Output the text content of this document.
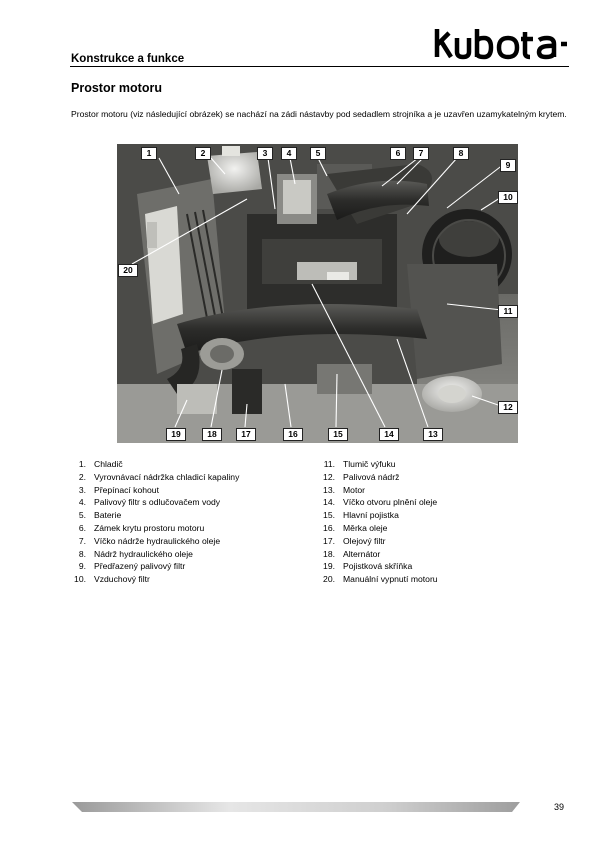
Konstrukce a funkce
Prostor motoru

Prostor motoru (viz následující obrázek) se nachází na zádi nástavby pod sedadlem strojníka a je uzavřen uzamykatelným krytem.

1	2	3	4	5	6	7	8
9
10
11
12
13
14
15
16
17
18
19
20
1. Chladič
2. Vyrovnávací nádržka chladicí kapaliny
3. Přepínací kohout
4. Palivový filtr s odlučovačem vody
5. Baterie
6. Zámek krytu prostoru motoru
7. Víčko nádrže hydraulického oleje
8. Nádrž hydraulického oleje
9. Předřazený palivový filtr
10. Vzduchový filtr
11. Tlumič výfuku
12. Palivová nádrž
13. Motor
14. Víčko otvoru plnění oleje
15. Hlavní pojistka
16. Měrka oleje
17. Olejový filtr
18. Alternátor
19. Pojistková skříňka
20. Manuální vypnutí motoru
39
